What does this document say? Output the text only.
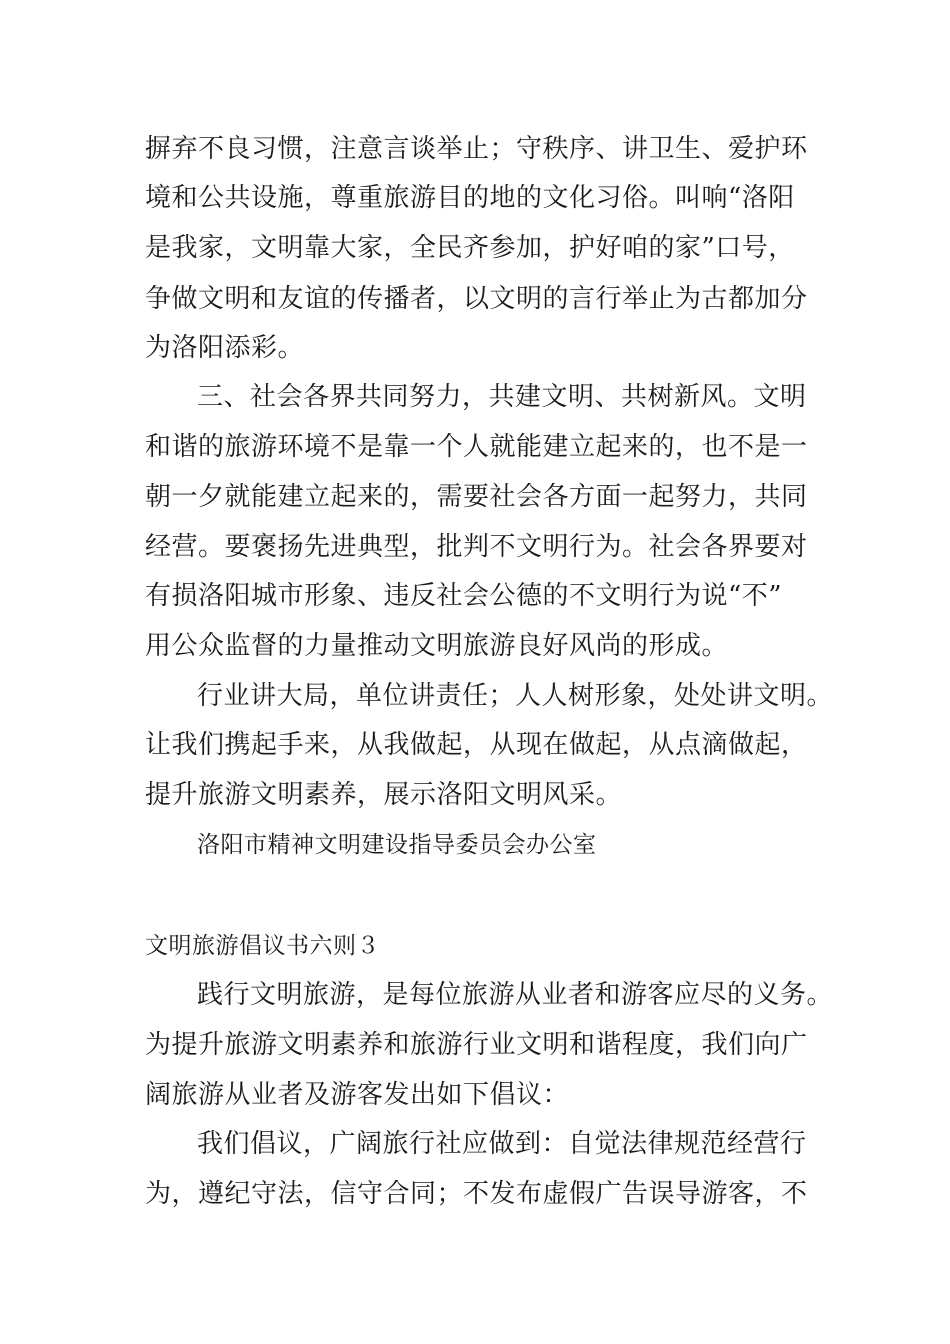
摒弃不良习惯，注意言谈举止；守秩序、讲卫生、爱护环
境和公共设施，尊重旅游目的地的文化习俗。叫响“洛阳
是我家，文明靠大家，全民齐参加，护好咱的家”口号，
争做文明和友谊的传播者，以文明的言行举止为古都加分
为洛阳添彩。
三、社会各界共同努力，共建文明、共树新风。文明
和谐的旅游环境不是靠一个人就能建立起来的，也不是一
朝一夕就能建立起来的，需要社会各方面一起努力，共同
经营。要褒扬先进典型，批判不文明行为。社会各界要对
有损洛阳城市形象、违反社会公德的不文明行为说“不”
用公众监督的力量推动文明旅游良好风尚的形成。
行业讲大局，单位讲责任；人人树形象，处处讲文明。
让我们携起手来，从我做起，从现在做起，从点滴做起，
提升旅游文明素养，展示洛阳文明风采。
洛阳市精神文明建设指导委员会办公室
文明旅游倡议书六则３
践行文明旅游，是每位旅游从业者和游客应尽的义务。
为提升旅游文明素养和旅游行业文明和谐程度，我们向广
阔旅游从业者及游客发出如下倡议：
我们倡议，广阔旅行社应做到：自觉法律规范经营行
为，遵纪守法，信守合同；不发布虚假广告误导游客，不
